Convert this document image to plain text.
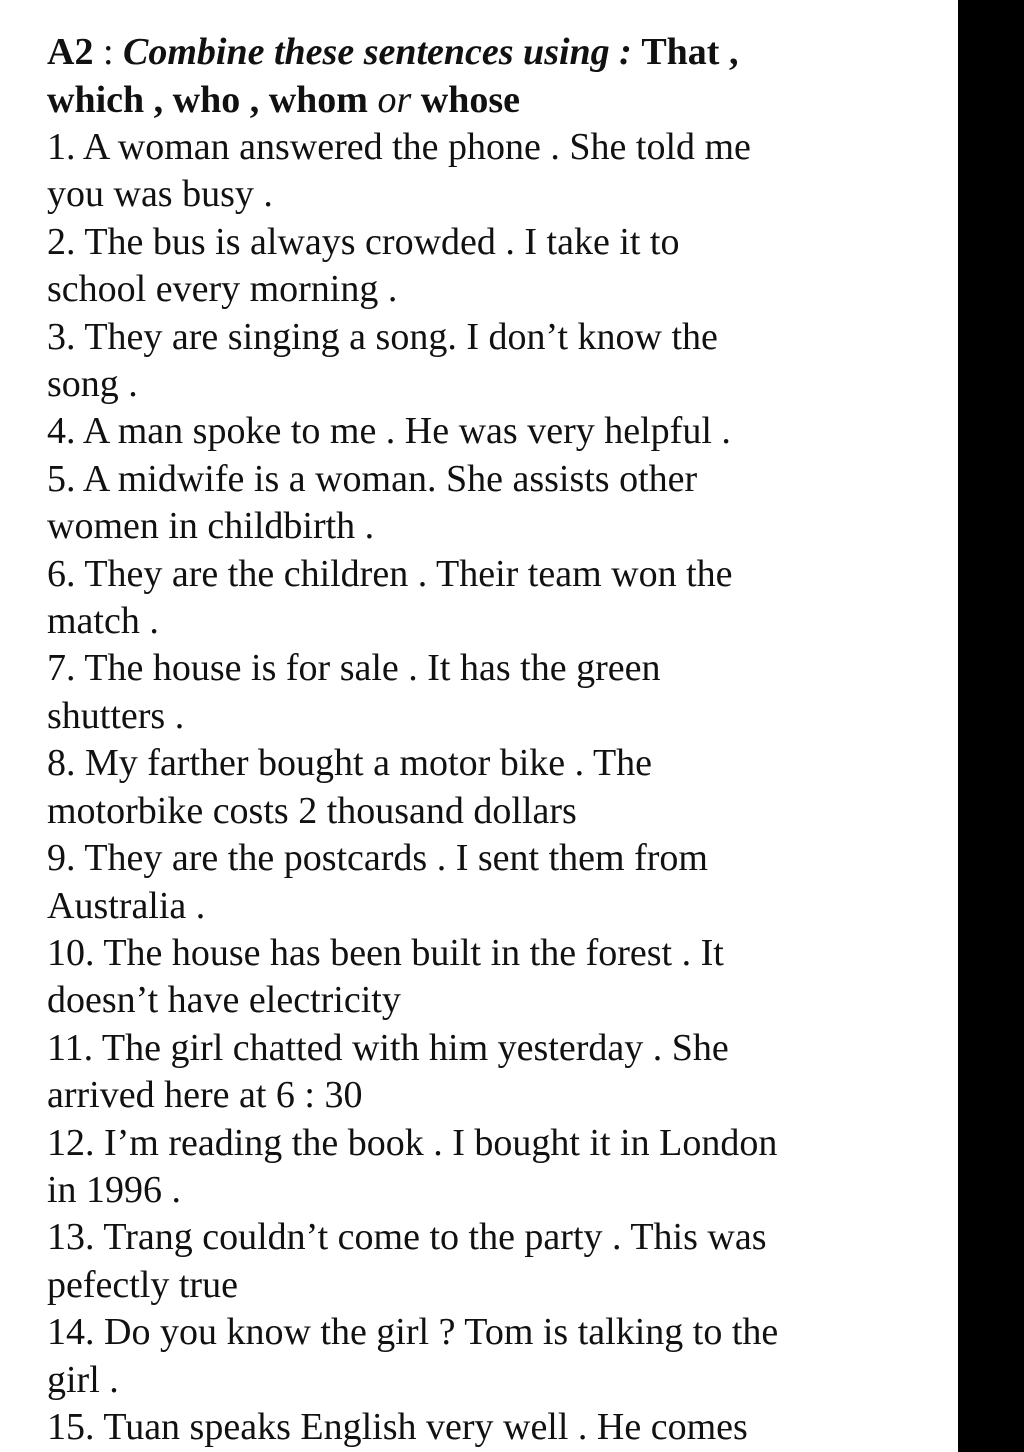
A2 : Combine these sentences using : That ,
which , who , whom or whose

1. A woman answered the phone . She told me

you was busy .

2. The bus is always crowded . I take it to

school every morning .

3. They are singing a song. I don’t know the

song .

4. A man spoke to me . He was very helpful .

5. A midwife is a woman. She assists other

women in childbirth .

6. They are the children . Their team won the

match .

7. The house is for sale . It has the green

shutters .

8. My farther bought a motor bike . The

motorbike costs 2 thousand dollars

9. They are the postcards . I sent them from

Australia .

10. The house has been built in the forest . It

doesn’t have electricity

11. The girl chatted with him yesterday . She

arrived here at 6 : 30

12. I’m reading the book . I bought it in London

in 1996 .

13. Trang couldn’t come to the party . This was

pefectly true

14. Do you know the girl ? Tom is talking to the

girl .

15. Tuan speaks English very well . He comes
